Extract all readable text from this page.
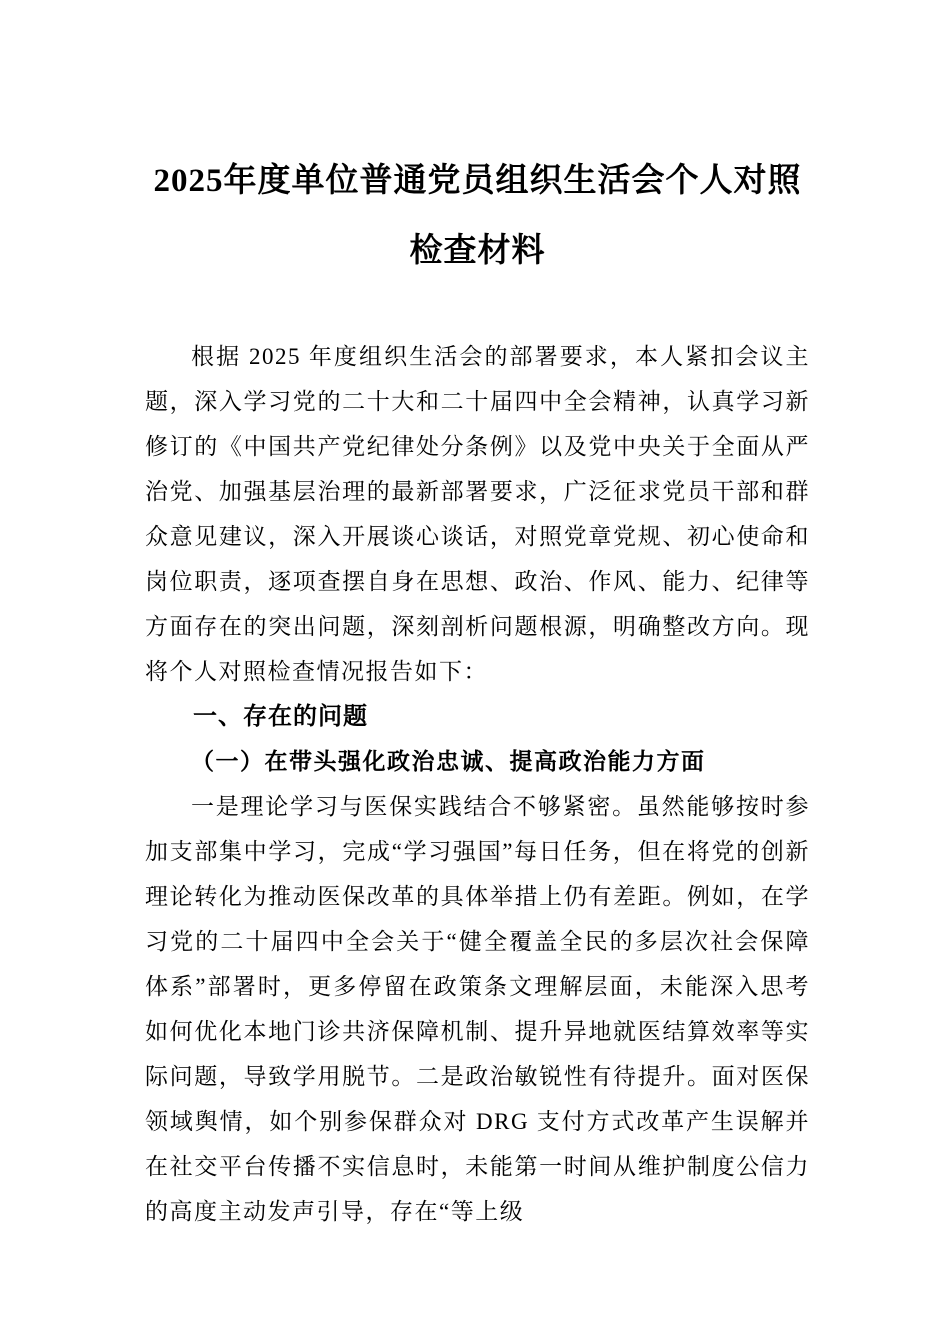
2025年度单位普通党员组织生活会个人对照检查材料

根据 2025 年度组织生活会的部署要求，本人紧扣会议主题，深入学习党的二十大和二十届四中全会精神，认真学习新修订的《中国共产党纪律处分条例》以及党中央关于全面从严治党、加强基层治理的最新部署要求，广泛征求党员干部和群众意见建议，深入开展谈心谈话，对照党章党规、初心使命和岗位职责，逐项查摆自身在思想、政治、作风、能力、纪律等方面存在的突出问题，深刻剖析问题根源，明确整改方向。现将个人对照检查情况报告如下：

一、存在的问题
（一）在带头强化政治忠诚、提高政治能力方面

一是理论学习与医保实践结合不够紧密。虽然能够按时参加支部集中学习，完成“学习强国”每日任务，但在将党的创新理论转化为推动医保改革的具体举措上仍有差距。例如，在学习党的二十届四中全会关于“健全覆盖全民的多层次社会保障体系”部署时，更多停留在政策条文理解层面，未能深入思考如何优化本地门诊共济保障机制、提升异地就医结算效率等实际问题，导致学用脱节。二是政治敏锐性有待提升。面对医保领域舆情，如个别参保群众对 DRG 支付方式改革产生误解并在社交平台传播不实信息时，未能第一时间从维护制度公信力的高度主动发声引导，存在“等上级
